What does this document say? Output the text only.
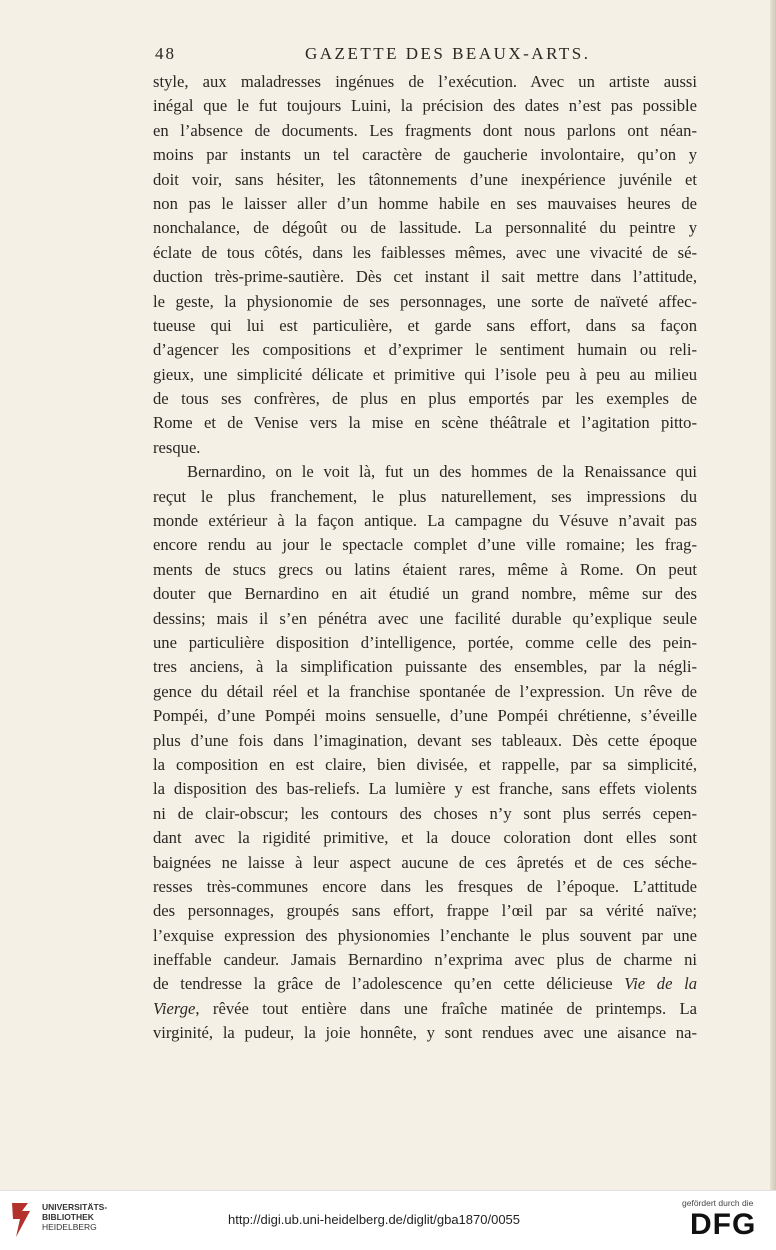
48	GAZETTE DES BEAUX-ARTS.
style, aux maladresses ingénues de l’exécution. Avec un artiste aussi
inégal que le fut toujours Luini, la précision des dates n’est pas possible
en l’absence de documents. Les fragments dont nous parlons ont néan-
moins par instants un tel caractère de gaucherie involontaire, qu’on y
doit voir, sans hésiter, les tâtonnements d’une inexpérience juvénile et
non pas le laisser aller d’un homme habile en ses mauvaises heures de
nonchalance, de dégoût ou de lassitude. La personnalité du peintre y
éclate de tous côtés, dans les faiblesses mêmes, avec une vivacité de sé-
duction très-prime-sautière. Dès cet instant il sait mettre dans l’attitude,
le geste, la physionomie de ses personnages, une sorte de naïveté affec-
tueuse qui lui est particulière, et garde sans effort, dans sa façon
d’agencer les compositions et d’exprimer le sentiment humain ou reli-
gieux, une simplicité délicate et primitive qui l’isole peu à peu au milieu
de tous ses confrères, de plus en plus emportés par les exemples de
Rome et de Venise vers la mise en scène théâtrale et l’agitation pitto-
resque.
Bernardino, on le voit là, fut un des hommes de la Renaissance qui
reçut le plus franchement, le plus naturellement, ses impressions du
monde extérieur à la façon antique. La campagne du Vésuve n’avait pas
encore rendu au jour le spectacle complet d’une ville romaine; les frag-
ments de stucs grecs ou latins étaient rares, même à Rome. On peut
douter que Bernardino en ait étudié un grand nombre, même sur des
dessins; mais il s’en pénétra avec une facilité durable qu’explique seule
une particulière disposition d’intelligence, portée, comme celle des pein-
tres anciens, à la simplification puissante des ensembles, par la négli-
gence du détail réel et la franchise spontanée de l’expression. Un rêve de
Pompéi, d’une Pompéi moins sensuelle, d’une Pompéi chrétienne, s’éveille
plus d’une fois dans l’imagination, devant ses tableaux. Dès cette époque
la composition en est claire, bien divisée, et rappelle, par sa simplicité,
la disposition des bas-reliefs. La lumière y est franche, sans effets violents
ni de clair-obscur; les contours des choses n’y sont plus serrés cepen-
dant avec la rigidité primitive, et la douce coloration dont elles sont
baignées ne laisse à leur aspect aucune de ces âpretés et de ces séche-
resses très-communes encore dans les fresques de l’époque. L’attitude
des personnages, groupés sans effort, frappe l’œil par sa vérité naïve;
l’exquise expression des physionomies l’enchante le plus souvent par une
ineffable candeur. Jamais Bernardino n’exprima avec plus de charme ni
de tendresse la grâce de l’adolescence qu’en cette délicieuse Vie de la
Vierge, rêvée tout entière dans une fraîche matinée de printemps. La
virginité, la pudeur, la joie honnête, y sont rendues avec une aisance na-
UNIVERSITÄTS-
BIBLIOTHEK
HEIDELBERG	http://digi.ub.uni-heidelberg.de/diglit/gba1870/0055
gefördert durch die
DFG
